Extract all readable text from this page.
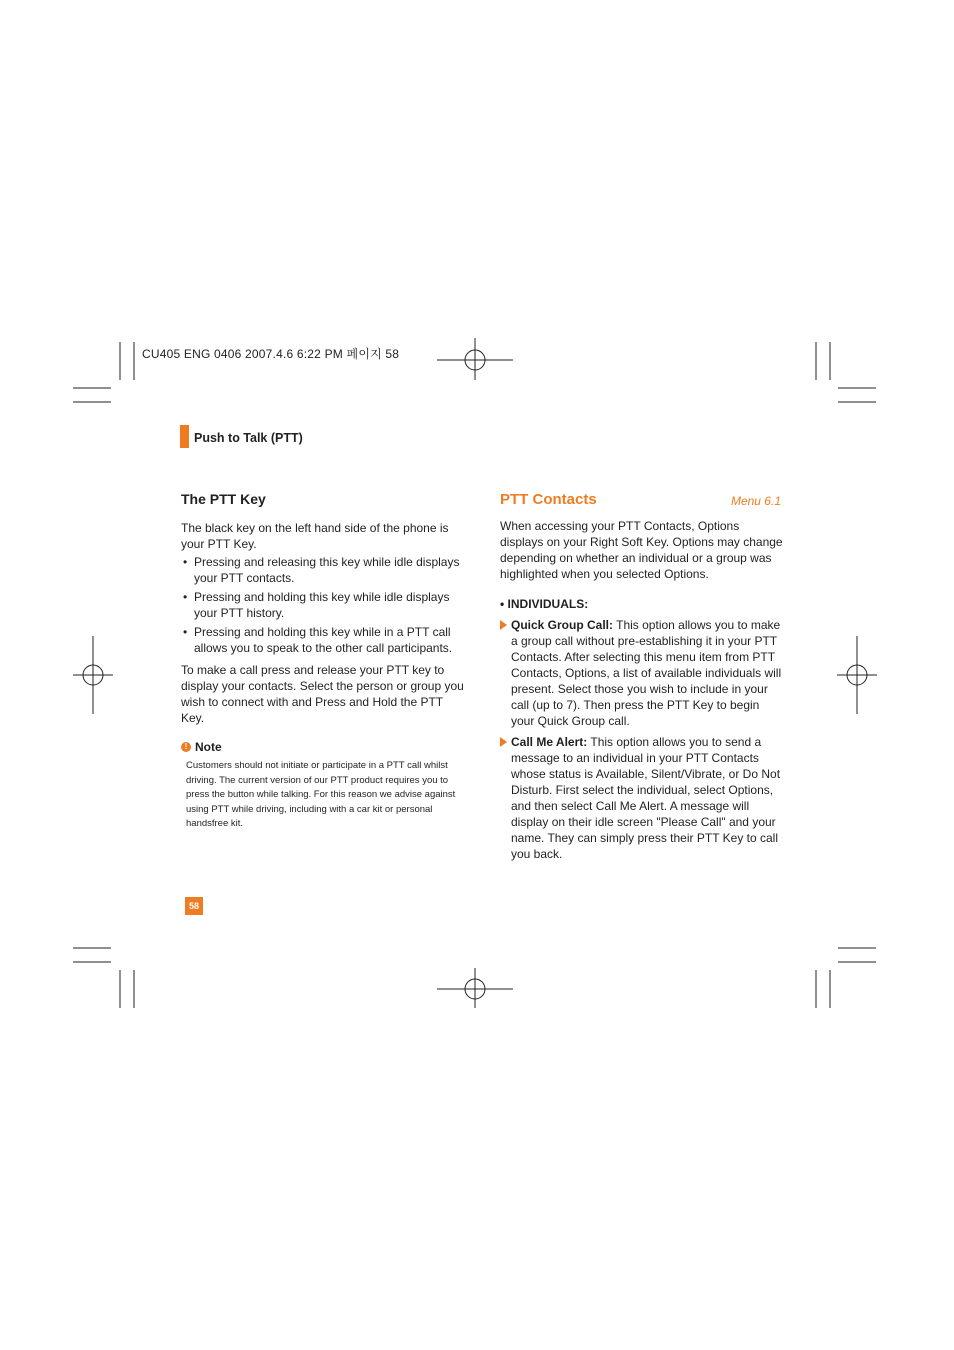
CU405 ENG 0406 2007.4.6 6:22 PM 페이지 58
Push to Talk (PTT)
The PTT Key

The black key on the left hand side of the phone is your PTT Key.

• Pressing and releasing this key while idle displays your PTT contacts.
• Pressing and holding this key while idle displays your PTT history.
• Pressing and holding this key while in a PTT call allows you to speak to the other call participants.

To make a call press and release your PTT key to display your contacts. Select the person or group you wish to connect with and Press and Hold the PTT Key.

! Note

Customers should not initiate or participate in a PTT call whilst driving. The current version of our PTT product requires you to press the button while talking. For this reason we advise against using PTT while driving, including with a car kit or personal handsfree kit.

PTT Contacts	Menu 6.1

When accessing your PTT Contacts, Options displays on your Right Soft Key. Options may change depending on whether an individual or a group was highlighted when you selected Options.

• INDIVIDUALS:

Quick Group Call: This option allows you to make a group call without pre-establishing it in your PTT Contacts. After selecting this menu item from PTT Contacts, Options, a list of available individuals will present. Select those you wish to include in your call (up to 7). Then press the PTT Key to begin your Quick Group call.
Call Me Alert: This option allows you to send a message to an individual in your PTT Contacts whose status is Available, Silent/Vibrate, or Do Not Disturb. First select the individual, select Options, and then select Call Me Alert. A message will display on their idle screen "Please Call" and your name. They can simply press their PTT Key to call you back.
58
